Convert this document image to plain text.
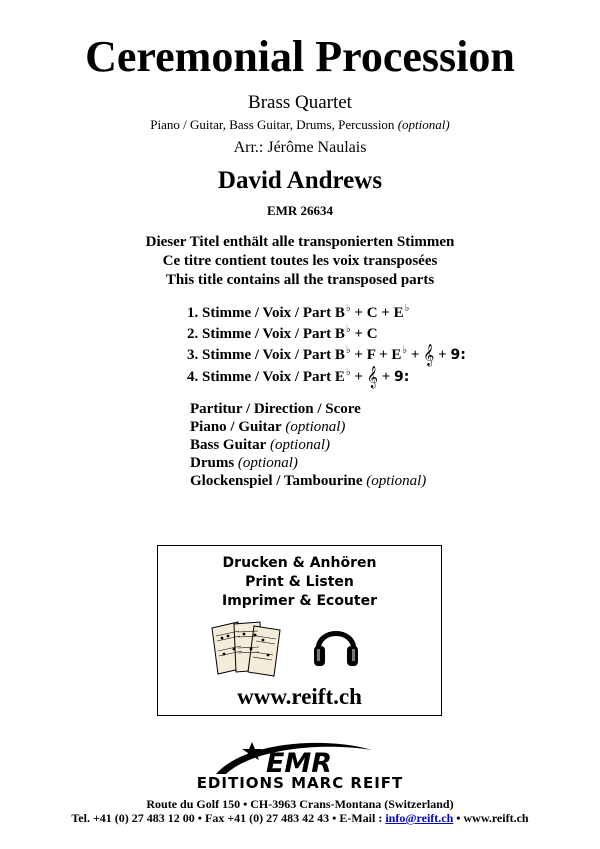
Ceremonial Procession
Brass Quartet
Piano / Guitar, Bass Guitar, Drums, Percussion (optional)
Arr.: Jérôme Naulais
David Andrews
EMR 26634
Dieser Titel enthält alle transponierten Stimmen
Ce titre contient toutes les voix transposées
This title contains all the transposed parts
1. Stimme / Voix / Part B♭ + C + E♭
2. Stimme / Voix / Part B♭ + C
3. Stimme / Voix / Part B♭ + F + E♭ + 𝄞 + 9:
4. Stimme / Voix / Part E♭ + 𝄞 + 9:
Partitur / Direction / Score
Piano / Guitar (optional)
Bass Guitar (optional)
Drums (optional)
Glockenspiel / Tambourine (optional)
Drucken & Anhören
Print & Listen
Imprimer & Ecouter
www.reift.ch
EMR
EDITIONS MARC REIFT
Route du Golf 150 • CH-3963 Crans-Montana (Switzerland)
Tel. +41 (0) 27 483 12 00 • Fax +41 (0) 27 483 42 43 • E-Mail : info@reift.ch • www.reift.ch
